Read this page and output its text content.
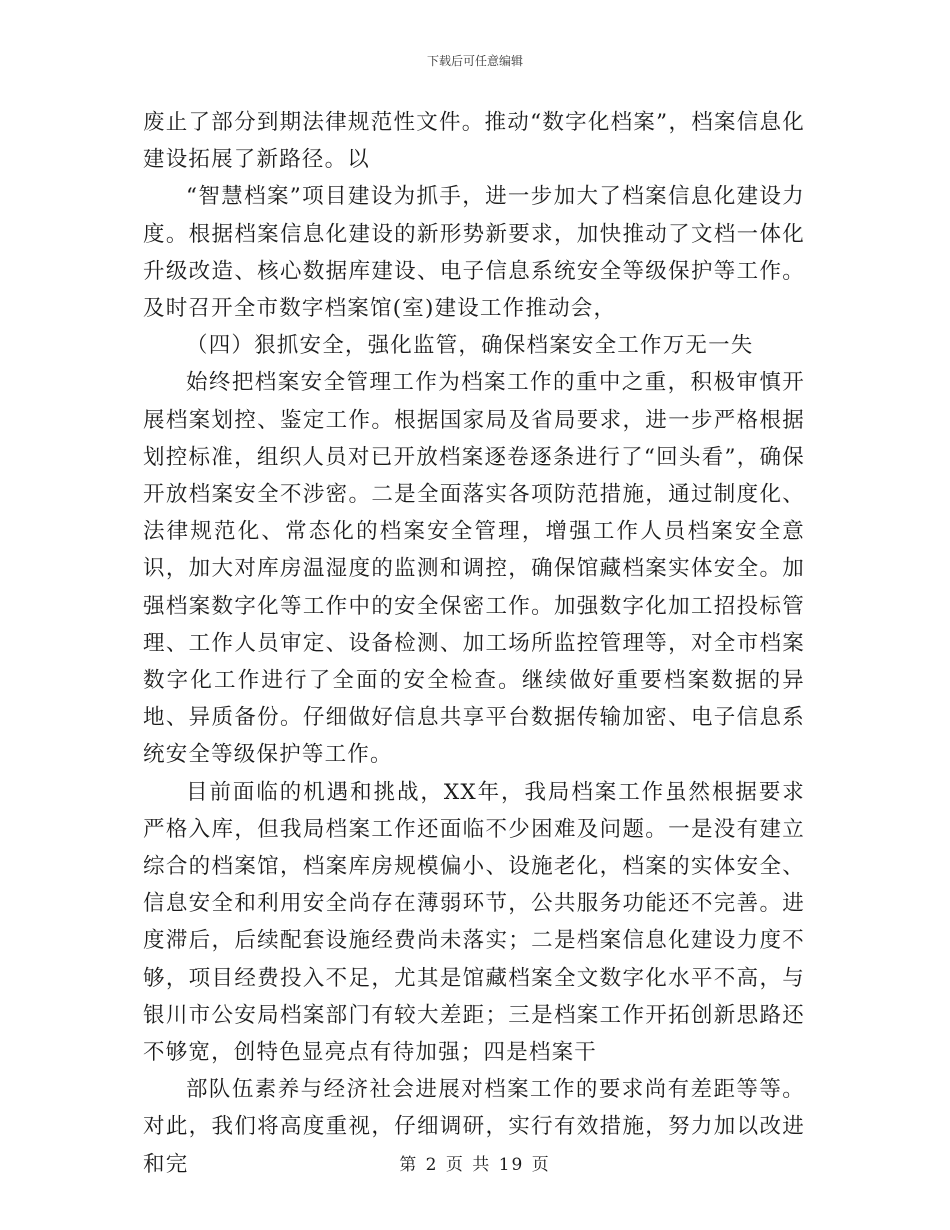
下载后可任意编辑

废止了部分到期法律规范性文件。推动“数字化档案”，档案信息化建设拓展了新路径。以

“智慧档案”项目建设为抓手，进一步加大了档案信息化建设力度。根据档案信息化建设的新形势新要求，加快推动了文档一体化升级改造、核心数据库建设、电子信息系统安全等级保护等工作。及时召开全市数字档案馆(室)建设工作推动会，

（四）狠抓安全，强化监管，确保档案安全工作万无一失

始终把档案安全管理工作为档案工作的重中之重，积极审慎开展档案划控、鉴定工作。根据国家局及省局要求，进一步严格根据划控标准，组织人员对已开放档案逐卷逐条进行了“回头看”，确保开放档案安全不涉密。二是全面落实各项防范措施，通过制度化、法律规范化、常态化的档案安全管理，增强工作人员档案安全意识，加大对库房温湿度的监测和调控，确保馆藏档案实体安全。加强档案数字化等工作中的安全保密工作。加强数字化加工招投标管理、工作人员审定、设备检测、加工场所监控管理等，对全市档案数字化工作进行了全面的安全检查。继续做好重要档案数据的异地、异质备份。仔细做好信息共享平台数据传输加密、电子信息系统安全等级保护等工作。

目前面临的机遇和挑战，XX年，我局档案工作虽然根据要求严格入库，但我局档案工作还面临不少困难及问题。一是没有建立综合的档案馆，档案库房规模偏小、设施老化，档案的实体安全、信息安全和利用安全尚存在薄弱环节，公共服务功能还不完善。进度滞后，后续配套设施经费尚未落实；二是档案信息化建设力度不够，项目经费投入不足，尤其是馆藏档案全文数字化水平不高，与银川市公安局档案部门有较大差距；三是档案工作开拓创新思路还不够宽，创特色显亮点有待加强；四是档案干

部队伍素养与经济社会进展对档案工作的要求尚有差距等等。对此，我们将高度重视，仔细调研，实行有效措施，努力加以改进和完	第 2 页 共 19 页
